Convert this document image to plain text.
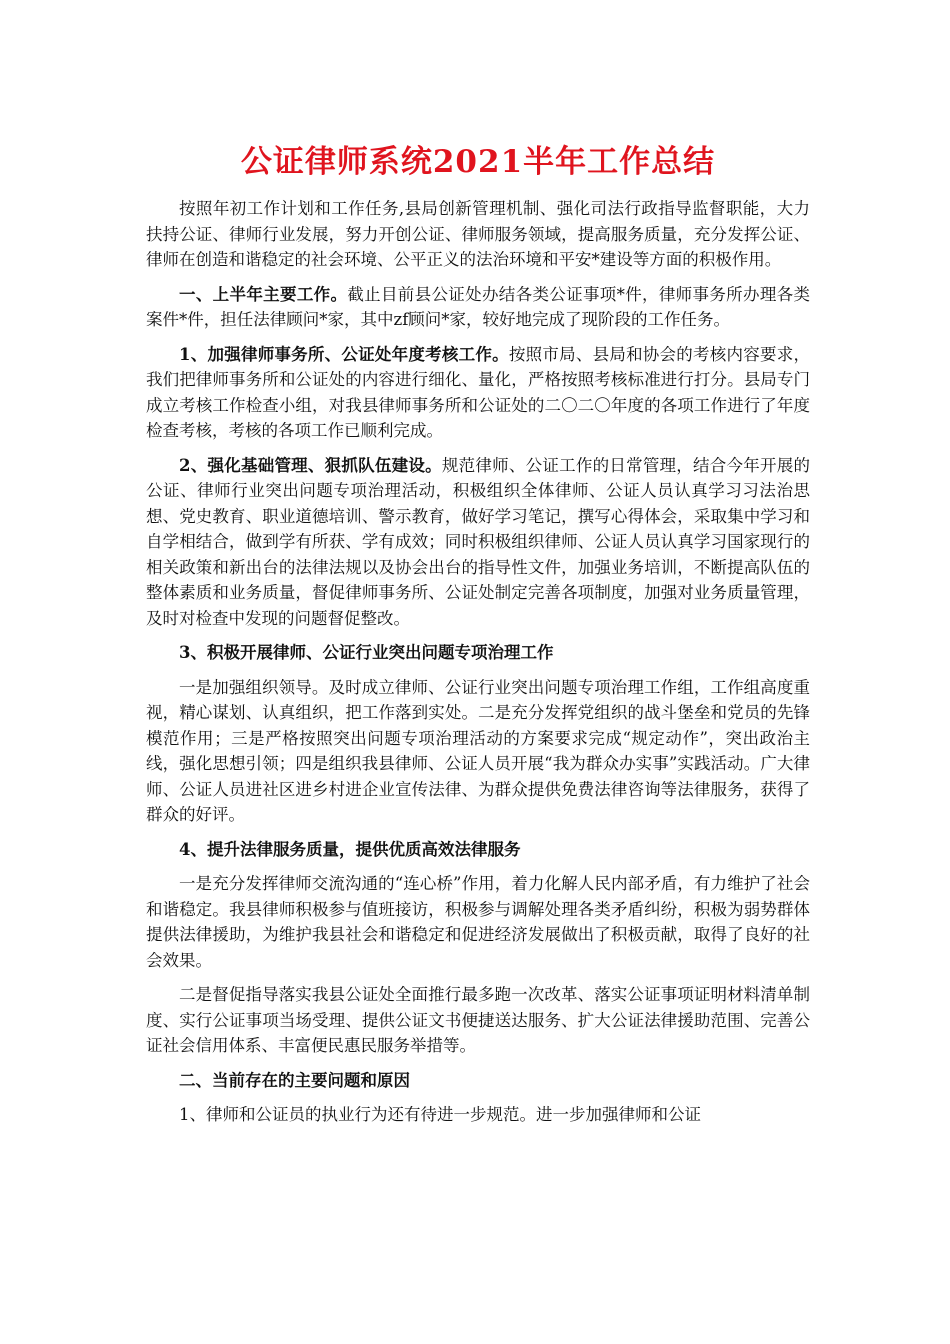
公证律师系统2021半年工作总结

按照年初工作计划和工作任务,县局创新管理机制、强化司法行政指导监督职能，大力扶持公证、律师行业发展，努力开创公证、律师服务领域，提高服务质量，充分发挥公证、律师在创造和谐稳定的社会环境、公平正义的法治环境和平安*建设等方面的积极作用。

一、上半年主要工作。截止目前县公证处办结各类公证事项*件，律师事务所办理各类案件*件，担任法律顾问*家，其中zf顾问*家，较好地完成了现阶段的工作任务。

1、加强律师事务所、公证处年度考核工作。按照市局、县局和协会的考核内容要求，我们把律师事务所和公证处的内容进行细化、量化，严格按照考核标准进行打分。县局专门成立考核工作检查小组，对我县律师事务所和公证处的二〇二〇年度的各项工作进行了年度检查考核，考核的各项工作已顺利完成。

2、强化基础管理、狠抓队伍建设。规范律师、公证工作的日常管理，结合今年开展的公证、律师行业突出问题专项治理活动，积极组织全体律师、公证人员认真学习习法治思想、党史教育、职业道德培训、警示教育，做好学习笔记，撰写心得体会，采取集中学习和自学相结合，做到学有所获、学有成效；同时积极组织律师、公证人员认真学习国家现行的相关政策和新出台的法律法规以及协会出台的指导性文件，加强业务培训，不断提高队伍的整体素质和业务质量，督促律师事务所、公证处制定完善各项制度，加强对业务质量管理，及时对检查中发现的问题督促整改。

3、积极开展律师、公证行业突出问题专项治理工作

一是加强组织领导。及时成立律师、公证行业突出问题专项治理工作组，工作组高度重视，精心谋划、认真组织，把工作落到实处。二是充分发挥党组织的战斗堡垒和党员的先锋模范作用；三是严格按照突出问题专项治理活动的方案要求完成“规定动作”，突出政治主线，强化思想引领；四是组织我县律师、公证人员开展“我为群众办实事”实践活动。广大律师、公证人员进社区进乡村进企业宣传法律、为群众提供免费法律咨询等法律服务，获得了群众的好评。

4、提升法律服务质量，提供优质高效法律服务

一是充分发挥律师交流沟通的“连心桥”作用，着力化解人民内部矛盾，有力维护了社会和谐稳定。我县律师积极参与值班接访，积极参与调解处理各类矛盾纠纷，积极为弱势群体提供法律援助，为维护我县社会和谐稳定和促进经济发展做出了积极贡献，取得了良好的社会效果。

二是督促指导落实我县公证处全面推行最多跑一次改革、落实公证事项证明材料清单制度、实行公证事项当场受理、提供公证文书便捷送达服务、扩大公证法律援助范围、完善公证社会信用体系、丰富便民惠民服务举措等。

二、当前存在的主要问题和原因

1、律师和公证员的执业行为还有待进一步规范。进一步加强律师和公证
